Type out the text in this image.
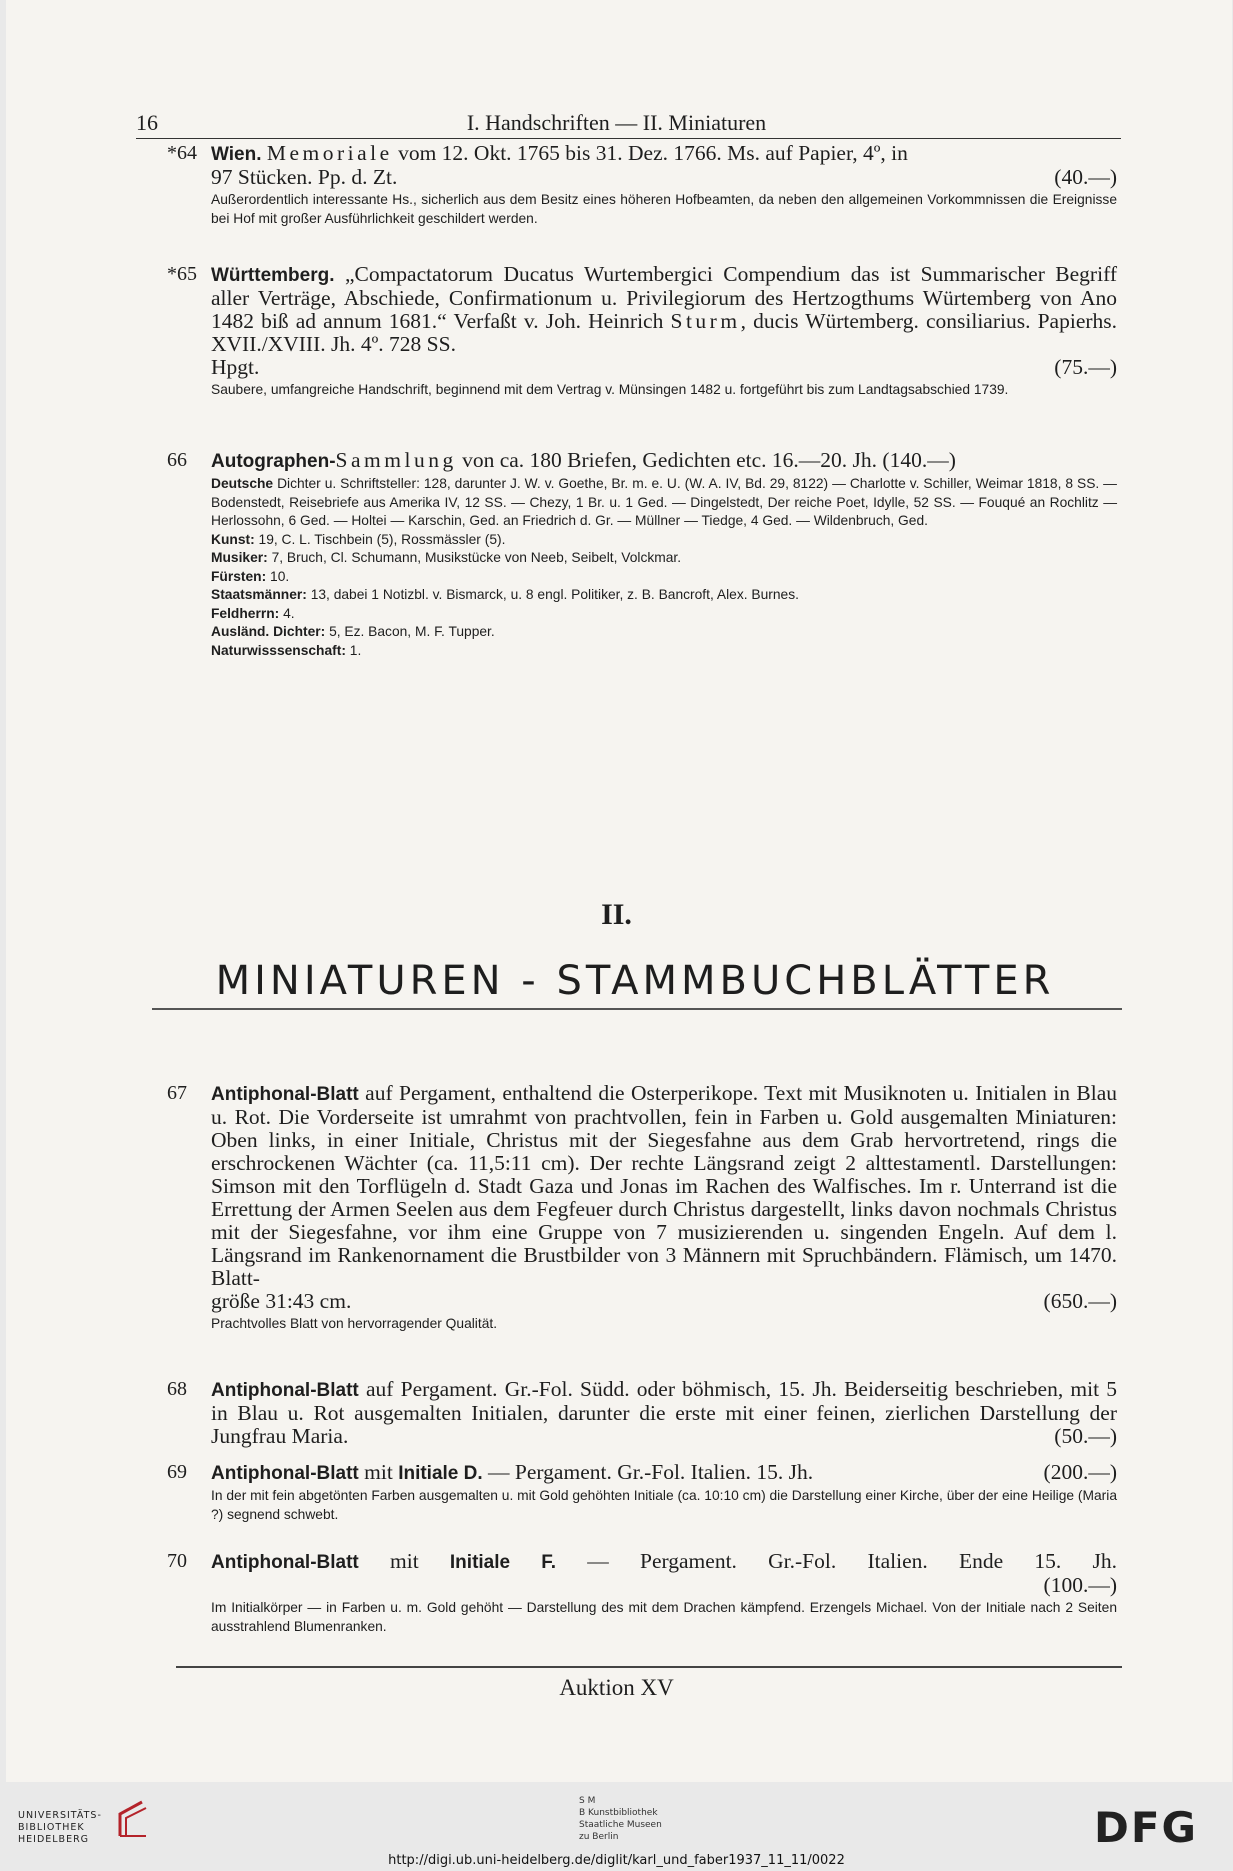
16	I. Handschriften — II. Miniaturen
*64 Wien. Memoriale vom 12. Okt. 1765 bis 31. Dez. 1766. Ms. auf Papier, 4º, in
97 Stücken. Pp. d. Zt.	(40.—)
Außerordentlich interessante Hs., sicherlich aus dem Besitz eines höheren Hofbeamten, da neben den allgemeinen Vorkommnissen die Ereignisse bei Hof mit großer Ausführlichkeit geschildert werden.
*65 Württemberg. „Compactatorum Ducatus Wurtembergici Compendium das ist Summarischer Begriff aller Verträge, Abschiede, Confirmationum u. Privilegiorum des Hertzogthums Würtemberg von Ano 1482 biß ad annum 1681.“ Verfaßt v. Joh. Heinrich Sturm, ducis Würtemberg. consiliarius. Papierhs. XVII./XVIII. Jh. 4º. 728 SS.
Hpgt.	(75.—)
Saubere, umfangreiche Handschrift, beginnend mit dem Vertrag v. Münsingen 1482 u. fortgeführt bis zum Landtagsabschied 1739.
66 Autographen-Sammlung von ca. 180 Briefen, Gedichten etc. 16.—20. Jh. (140.—)
Deutsche Dichter u. Schriftsteller: 128, darunter J. W. v. Goethe, Br. m. e. U. (W. A. IV, Bd. 29, 8122) — Charlotte v. Schiller, Weimar 1818, 8 SS. — Bodenstedt, Reisebriefe aus Amerika IV, 12 SS. — Chezy, 1 Br. u. 1 Ged. — Dingelstedt, Der reiche Poet, Idylle, 52 SS. — Fouqué an Rochlitz — Herlossohn, 6 Ged. — Holtei — Karschin, Ged. an Friedrich d. Gr. — Müllner — Tiedge, 4 Ged. — Wildenbruch, Ged.
Kunst: 19, C. L. Tischbein (5), Rossmässler (5).
Musiker: 7, Bruch, Cl. Schumann, Musikstücke von Neeb, Seibelt, Volckmar.
Fürsten: 10.
Staatsmänner: 13, dabei 1 Notizbl. v. Bismarck, u. 8 engl. Politiker, z. B. Bancroft, Alex. Burnes.
Feldherrn: 4.
Ausländ. Dichter: 5, Ez. Bacon, M. F. Tupper.
Naturwisssenschaft: 1.
II.
MINIATUREN - STAMMBUCHBLÄTTER
67 Antiphonal-Blatt auf Pergament, enthaltend die Osterperikope. Text mit Musiknoten u. Initialen in Blau u. Rot. Die Vorderseite ist umrahmt von prachtvollen, fein in Farben u. Gold ausgemalten Miniaturen: Oben links, in einer Initiale, Christus mit der Siegesfahne aus dem Grab hervortretend, rings die erschrockenen Wächter (ca. 11,5:11 cm). Der rechte Längsrand zeigt 2 alttestamentl. Darstellungen: Simson mit den Torflügeln d. Stadt Gaza und Jonas im Rachen des Walfisches. Im r. Unterrand ist die Errettung der Armen Seelen aus dem Fegfeuer durch Christus dargestellt, links davon nochmals Christus mit der Siegesfahne, vor ihm eine Gruppe von 7 musizierenden u. singenden Engeln. Auf dem l. Längsrand im Rankenornament die Brustbilder von 3 Männern mit Spruchbändern. Flämisch, um 1470. Blatt-
größe 31:43 cm.	(650.—)
Prachtvolles Blatt von hervorragender Qualität.
68 Antiphonal-Blatt auf Pergament. Gr.-Fol. Südd. oder böhmisch, 15. Jh. Beiderseitig beschrieben, mit 5 in Blau u. Rot ausgemalten Initialen, darunter die erste mit einer feinen, zierlichen Darstellung der Jungfrau Maria.	(50.—)
69 Antiphonal-Blatt mit Initiale D. — Pergament. Gr.-Fol. Italien. 15. Jh.	(200.—)
In der mit fein abgetönten Farben ausgemalten u. mit Gold gehöhten Initiale (ca. 10:10 cm) die Darstellung einer Kirche, über der eine Heilige (Maria ?) segnend schwebt.
70 Antiphonal-Blatt mit Initiale F. — Pergament. Gr.-Fol. Italien. Ende 15. Jh.
(100.—)
Im Initialkörper — in Farben u. m. Gold gehöht — Darstellung des mit dem Drachen kämpfend. Erzengels Michael. Von der Initiale nach 2 Seiten ausstrahlend Blumenranken.
Auktion XV
UNIVERSITÄTS-
BIBLIOTHEK
HEIDELBERG
S M
B Kunstbibliothek
Staatliche Museen
zu Berlin	DFG
http://digi.ub.uni-heidelberg.de/diglit/karl_und_faber1937_11_11/0022
